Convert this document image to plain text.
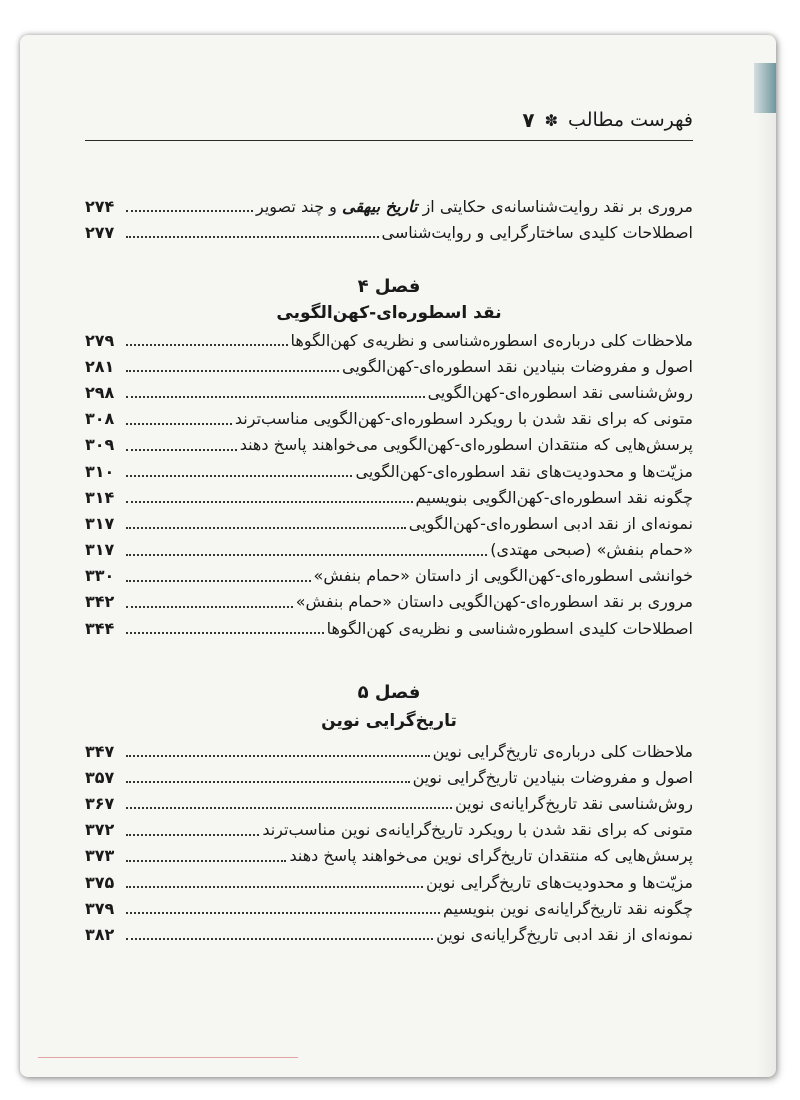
فهرست مطالب
✽
۷
مروری بر نقد روایت‌شناسانه‌ی حکایتی از تاریخ بیهقی و چند تصویر
۲۷۴
اصطلاحات کلیدی ساختارگرایی و روایت‌شناسی
۲۷۷
فصل ۴
نقد اسطوره‌ای-کهن‌الگویی
ملاحظات کلی درباره‌ی اسطوره‌شناسی و نظریه‌ی کهن‌الگوها
۲۷۹
اصول و مفروضات بنیادین نقد اسطوره‌ای-کهن‌الگویی
۲۸۱
روش‌شناسی نقد اسطوره‌ای-کهن‌الگویی
۲۹۸
متونی که برای نقد شدن با رویکرد اسطوره‌ای-کهن‌الگویی مناسب‌ترند
۳۰۸
پرسش‌هایی که منتقدان اسطوره‌ای-کهن‌الگویی می‌خواهند پاسخ دهند
۳۰۹
مزیّت‌ها و محدودیت‌های نقد اسطوره‌ای-کهن‌الگویی
۳۱۰
چگونه نقد اسطوره‌ای-کهن‌الگویی بنویسیم
۳۱۴
نمونه‌ای از نقد ادبی اسطوره‌ای-کهن‌الگویی
۳۱۷
«حمام بنفش» (صبحی مهتدی)
۳۱۷
خوانشی اسطوره‌ای-کهن‌الگویی از داستان «حمام بنفش»
۳۳۰
مروری بر نقد اسطوره‌ای-کهن‌الگویی داستان «حمام بنفش»
۳۴۲
اصطلاحات کلیدی اسطوره‌شناسی و نظریه‌ی کهن‌الگوها
۳۴۴
فصل ۵
تاریخ‌گرایی نوین
ملاحظات کلی درباره‌ی تاریخ‌گرایی نوین
۳۴۷
اصول و مفروضات بنیادین تاریخ‌گرایی نوین
۳۵۷
روش‌شناسی نقد تاریخ‌گرایانه‌ی نوین
۳۶۷
متونی که برای نقد شدن با رویکرد تاریخ‌گرایانه‌ی نوین مناسب‌ترند
۳۷۲
پرسش‌هایی که منتقدان تاریخ‌گرای نوین می‌خواهند پاسخ دهند
۳۷۳
مزیّت‌ها و محدودیت‌های تاریخ‌گرایی نوین
۳۷۵
چگونه نقد تاریخ‌گرایانه‌ی نوین بنویسیم
۳۷۹
نمونه‌ای از نقد ادبی تاریخ‌گرایانه‌ی نوین
۳۸۲
